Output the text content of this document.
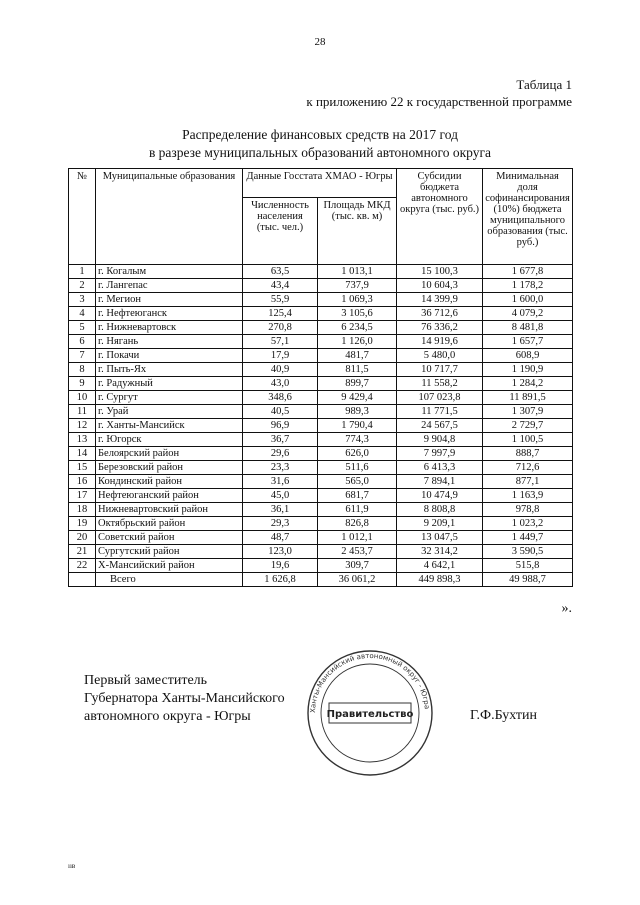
28
Таблица 1
к приложению 22 к государственной программе
Распределение финансовых средств на 2017 год
в разрезе муниципальных образований автономного округа
№	Муниципальные образования	Данные Госстата ХМАО - Югры		Субсидии бюджета автономного округа (тыс. руб.)	Минимальная доля софинансирования (10%) бюджета муниципального образования (тыс. руб.)
		Численность населения (тыс. чел.)	Площадь МКД (тыс. кв. м)		
1	г. Когалым	63,5	1 013,1	15 100,3	1 677,8
2	г. Лангепас	43,4	737,9	10 604,3	1 178,2
3	г. Мегион	55,9	1 069,3	14 399,9	1 600,0
4	г. Нефтеюганск	125,4	3 105,6	36 712,6	4 079,2
5	г. Нижневартовск	270,8	6 234,5	76 336,2	8 481,8
6	г. Нягань	57,1	1 126,0	14 919,6	1 657,7
7	г. Покачи	17,9	481,7	5 480,0	608,9
8	г. Пыть-Ях	40,9	811,5	10 717,7	1 190,9
9	г. Радужный	43,0	899,7	11 558,2	1 284,2
10	г. Сургут	348,6	9 429,4	107 023,8	11 891,5
11	г. Урай	40,5	989,3	11 771,5	1 307,9
12	г. Ханты-Мансийск	96,9	1 790,4	24 567,5	2 729,7
13	г. Югорск	36,7	774,3	9 904,8	1 100,5
14	Белоярский район	29,6	626,0	7 997,9	888,7
15	Березовский район	23,3	511,6	6 413,3	712,6
16	Кондинский район	31,6	565,0	7 894,1	877,1
17	Нефтеюганский район	45,0	681,7	10 474,9	1 163,9
18	Нижневартовский район	36,1	611,9	8 808,8	978,8
19	Октябрьский район	29,3	826,8	9 209,1	1 023,2
20	Советский район	48,7	1 012,1	13 047,5	1 449,7
21	Сургутский район	123,0	2 453,7	32 314,2	3 590,5
22	Х-Мансийский район	19,6	309,7	4 642,1	515,8
	Всего	1 626,8	36 061,2	449 898,3	49 988,7
».
Первый заместитель
Губернатора Ханты-Мансийского
автономного округа - Югры	Ханты-Мансийский автономный округ - Югра
Правительство	Г.Ф.Бухтин
ııв
